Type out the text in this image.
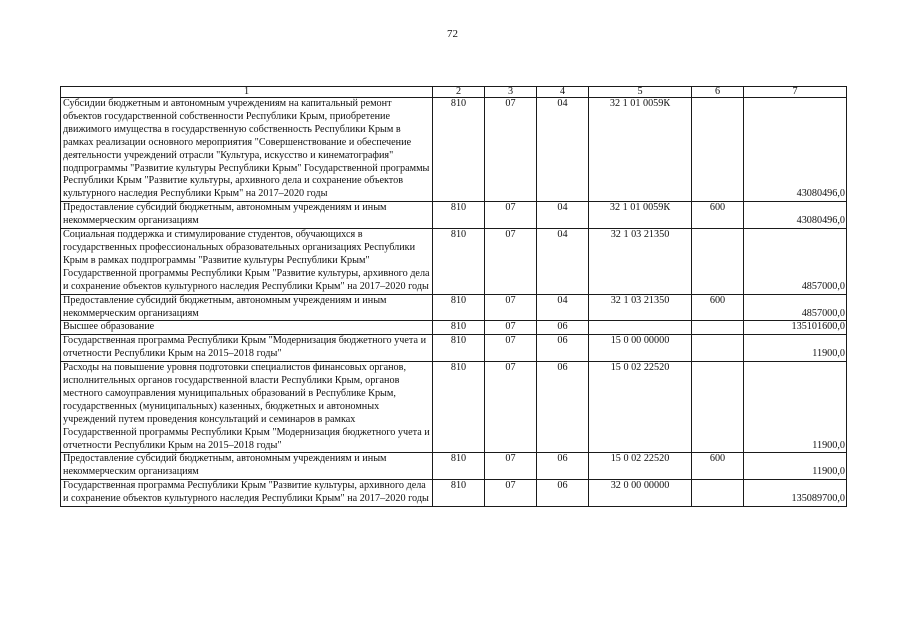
72
1	2	3	4	5	6	7
Субсидии бюджетным и автономным учреждениям на капитальный ремонт объектов государственной собственности Республики Крым, приобретение движимого имущества в государственную собственность Республики Крым в рамках реализации основного мероприятия "Совершенствование и обеспечение деятельности учреждений отрасли "Культура, искусство и кинематография" подпрограммы "Развитие культуры Республики Крым" Государственной программы Республики Крым "Развитие культуры, архивного дела и сохранение объектов культурного наследия Республики Крым" на 2017–2020 годы	810	07	04	32 1 01 0059К		43080496,0
Предоставление субсидий бюджетным, автономным учреждениям и иным некоммерческим организациям	810	07	04	32 1 01 0059К	600	43080496,0
Социальная поддержка и стимулирование студентов, обучающихся в государственных профессиональных образовательных организациях Республики Крым в рамках подпрограммы "Развитие культуры Республики Крым" Государственной программы Республики Крым "Развитие культуры, архивного дела и сохранение объектов культурного наследия Республики Крым" на 2017–2020 годы	810	07	04	32 1 03 21350		4857000,0
Предоставление субсидий бюджетным, автономным учреждениям и иным некоммерческим организациям	810	07	04	32 1 03 21350	600	4857000,0
Высшее образование	810	07	06			135101600,0
Государственная программа Республики Крым "Модернизация бюджетного учета и отчетности Республики Крым на 2015–2018 годы"	810	07	06	15 0 00 00000		11900,0
Расходы на повышение уровня подготовки специалистов финансовых органов, исполнительных органов государственной власти Республики Крым, органов местного самоуправления муниципальных образований в Республике Крым, государственных (муниципальных) казенных, бюджетных и автономных учреждений путем проведения консультаций и семинаров в рамках Государственной программы Республики Крым "Модернизация бюджетного учета и отчетности Республики Крым на 2015–2018 годы"	810	07	06	15 0 02 22520		11900,0
Предоставление субсидий бюджетным, автономным учреждениям и иным некоммерческим организациям	810	07	06	15 0 02 22520	600	11900,0
Государственная программа Республики Крым "Развитие культуры, архивного дела и сохранение объектов культурного наследия Республики Крым" на 2017–2020 годы	810	07	06	32 0 00 00000		135089700,0
